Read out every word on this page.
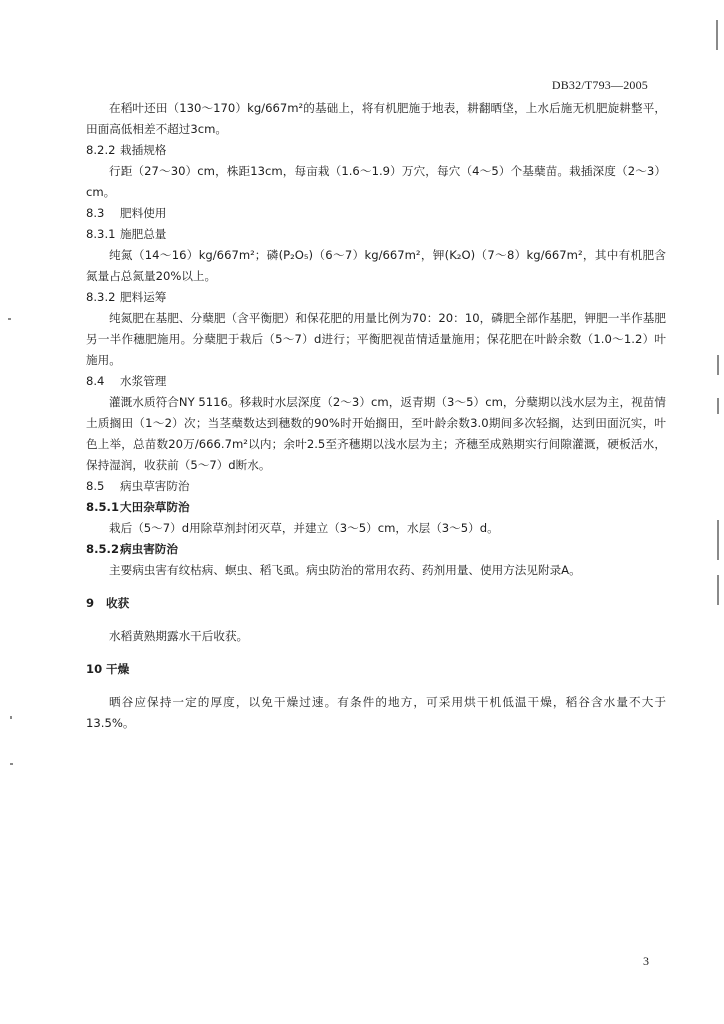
DB32/T793—2005

在稻叶还田（130～170）kg/667m²的基础上，将有机肥施于地表，耕翻晒垡，上水后施无机肥旋耕整平，田面高低相差不超过3cm。

8.2.2 栽插规格

行距（27～30）cm，株距13cm，每亩栽（1.6～1.9）万穴，每穴（4～5）个基蘖苗。栽插深度（2～3）cm。

8.3 肥料使用
8.3.1 施肥总量

纯氮（14～16）kg/667m²；磷(P₂O₅)（6～7）kg/667m²，钾(K₂O)（7～8）kg/667m²，其中有机肥含氮量占总氮量20%以上。

8.3.2 肥料运筹

纯氮肥在基肥、分蘖肥（含平衡肥）和保花肥的用量比例为70：20：10，磷肥全部作基肥，钾肥一半作基肥另一半作穗肥施用。分蘖肥于栽后（5～7）d进行；平衡肥视苗情适量施用；保花肥在叶龄余数（1.0～1.2）叶施用。

8.4 水浆管理

灌溉水质符合NY 5116。移栽时水层深度（2～3）cm，返青期（3～5）cm，分蘖期以浅水层为主，视苗情土质搁田（1～2）次；当茎蘖数达到穗数的90%时开始搁田，至叶龄余数3.0期间多次轻搁，达到田面沉实，叶色上举，总苗数20万/666.7m²以内；余叶2.5至齐穗期以浅水层为主；齐穗至成熟期实行间隙灌溉，硬板活水，保持湿润，收获前（5～7）d断水。

8.5 病虫草害防治
8.5.1大田杂草防治

栽后（5～7）d用除草剂封闭灭草，并建立（3～5）cm，水层（3～5）d。

8.5.2病虫害防治

主要病虫害有纹枯病、螟虫、稻飞虱。病虫防治的常用农药、药剂用量、使用方法见附录A。

9 收获

水稻黄熟期露水干后收获。

10 干燥

晒谷应保持一定的厚度，以免干燥过速。有条件的地方，可采用烘干机低温干燥，稻谷含水量不大于13.5%。

3
